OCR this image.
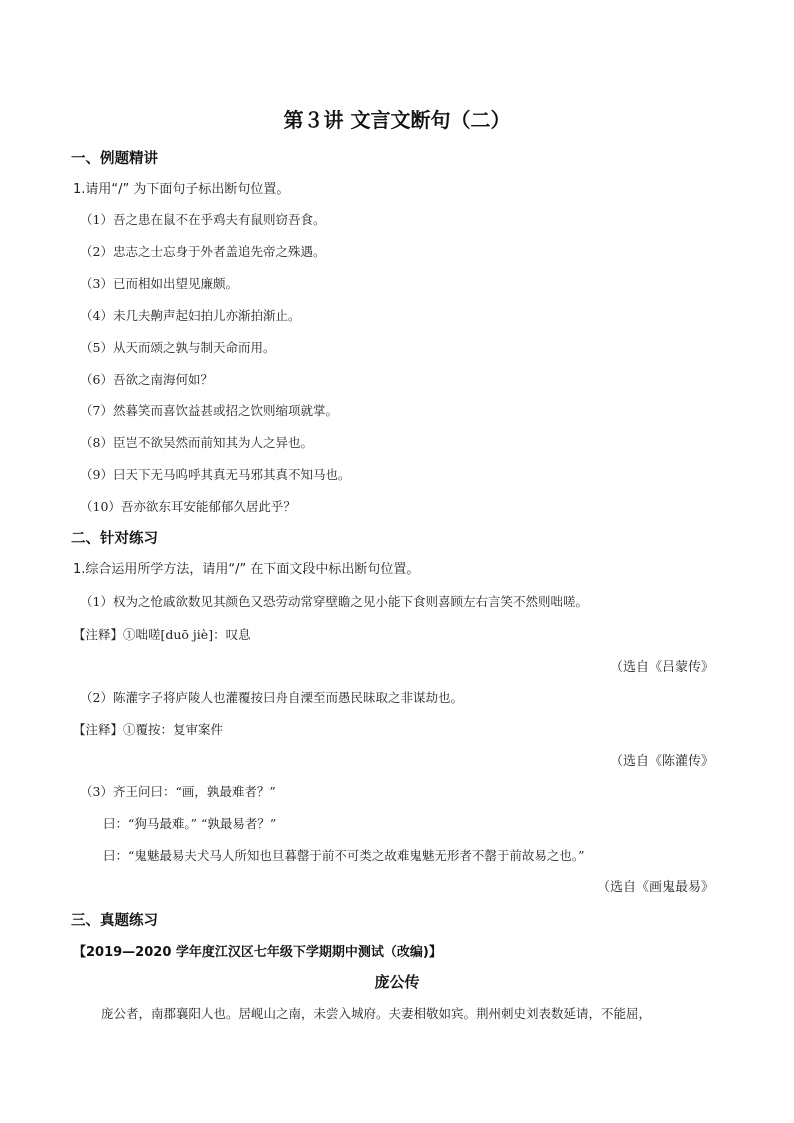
第３讲 文言文断句（二）
一、例题精讲
1.请用“/” 为下面句子标出断句位置。
（1）吾之患在鼠不在乎鸡夫有鼠则窃吾食。
（2）忠志之士忘身于外者盖追先帝之殊遇。
（3）已而相如出望见廉颇。
（4）未几夫齁声起妇拍儿亦渐拍渐止。
（5）从天而颂之孰与制天命而用。
（6）吾欲之南海何如？
（7）然暮笑而喜饮益甚或招之饮则缩项就掌。
（8）臣岂不欲吴然而前知其为人之异也。
（9）曰天下无马呜呼其真无马邪其真不知马也。
（10）吾亦欲东耳安能郁郁久居此乎？
二、针对练习
1.综合运用所学方法，请用“/” 在下面文段中标出断句位置。
（1）权为之怆戚欲数见其颜色又恐劳动常穿壁瞻之见小能下食则喜顾左右言笑不然则咄嗟。
【注释】①咄嗟[duō jiè]：叹息
（选自《吕蒙传》
（2）陈灌字子将庐陵人也灌覆按曰舟自溧至而愚民昧取之非谋劫也。
【注释】①覆按：复审案件
（选自《陈灌传》
（3）齐王问曰：“画，孰最难者？”
曰：“狗马最难。” “孰最易者？”
曰：“鬼魅最易夫犬马人所知也旦暮罄于前不可类之故难鬼魅无形者不罄于前故易之也。”
（选自《画鬼最易》
三、真题练习
【2019—2020 学年度江汉区七年级下学期期中测试（改编)】
庞公传
庞公者，南郡襄阳人也。居岘山之南，未尝入城府。夫妻相敬如宾。荆州刺史刘表数延请，不能屈，
